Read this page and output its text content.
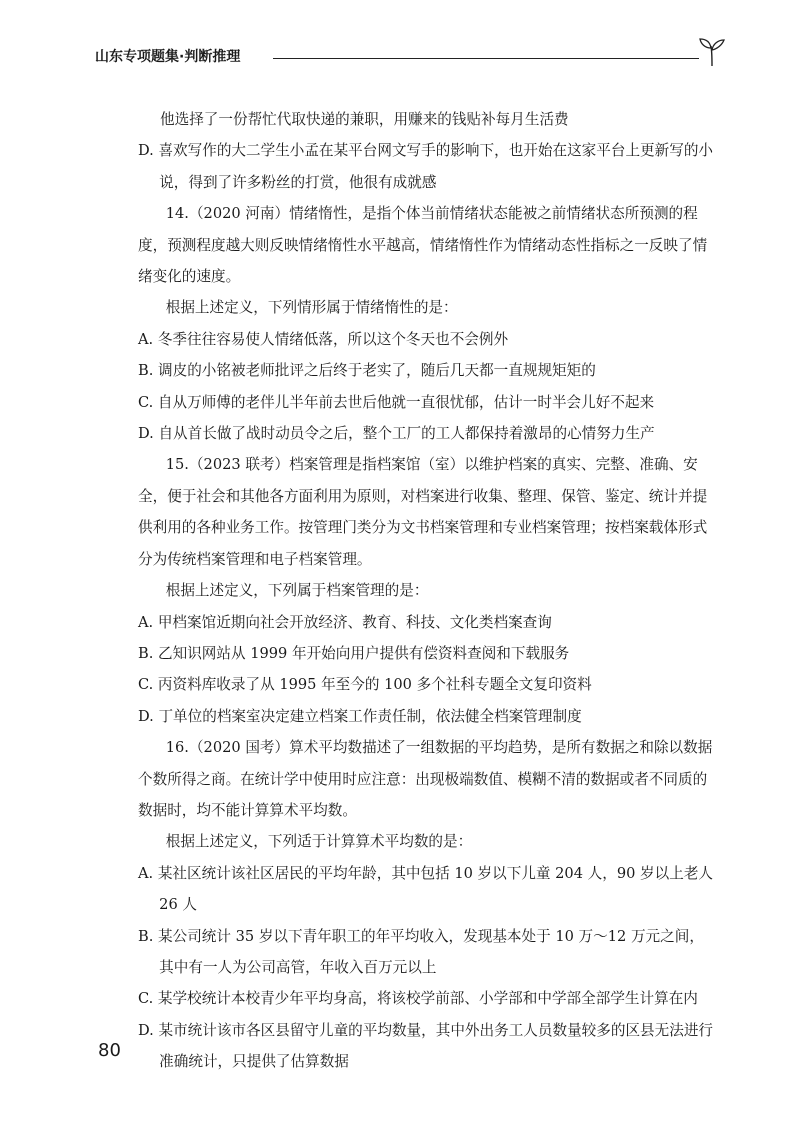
山东专项题集·判断推理

他选择了一份帮忙代取快递的兼职，用赚来的钱贴补每月生活费

D. 喜欢写作的大二学生小孟在某平台网文写手的影响下，也开始在这家平台上更新写的小说，得到了许多粉丝的打赏，他很有成就感

14.（2020 河南）情绪惰性，是指个体当前情绪状态能被之前情绪状态所预测的程度，预测程度越大则反映情绪惰性水平越高，情绪惰性作为情绪动态性指标之一反映了情绪变化的速度。

根据上述定义，下列情形属于情绪惰性的是：

A. 冬季往往容易使人情绪低落，所以这个冬天也不会例外

B. 调皮的小铭被老师批评之后终于老实了，随后几天都一直规规矩矩的

C. 自从万师傅的老伴儿半年前去世后他就一直很忧郁，估计一时半会儿好不起来

D. 自从首长做了战时动员令之后，整个工厂的工人都保持着激昂的心情努力生产

15.（2023 联考）档案管理是指档案馆（室）以维护档案的真实、完整、准确、安全，便于社会和其他各方面利用为原则，对档案进行收集、整理、保管、鉴定、统计并提供利用的各种业务工作。按管理门类分为文书档案管理和专业档案管理；按档案载体形式分为传统档案管理和电子档案管理。

根据上述定义，下列属于档案管理的是：

A. 甲档案馆近期向社会开放经济、教育、科技、文化类档案查询

B. 乙知识网站从 1999 年开始向用户提供有偿资料查阅和下载服务

C. 丙资料库收录了从 1995 年至今的 100 多个社科专题全文复印资料

D. 丁单位的档案室决定建立档案工作责任制，依法健全档案管理制度

16.（2020 国考）算术平均数描述了一组数据的平均趋势，是所有数据之和除以数据个数所得之商。在统计学中使用时应注意：出现极端数值、模糊不清的数据或者不同质的数据时，均不能计算算术平均数。

根据上述定义，下列适于计算算术平均数的是：

A. 某社区统计该社区居民的平均年龄，其中包括 10 岁以下儿童 204 人，90 岁以上老人 26 人

B. 某公司统计 35 岁以下青年职工的年平均收入，发现基本处于 10 万～12 万元之间，其中有一人为公司高管，年收入百万元以上

C. 某学校统计本校青少年平均身高，将该校学前部、小学部和中学部全部学生计算在内

D. 某市统计该市各区县留守儿童的平均数量，其中外出务工人员数量较多的区县无法进行准确统计，只提供了估算数据

80
